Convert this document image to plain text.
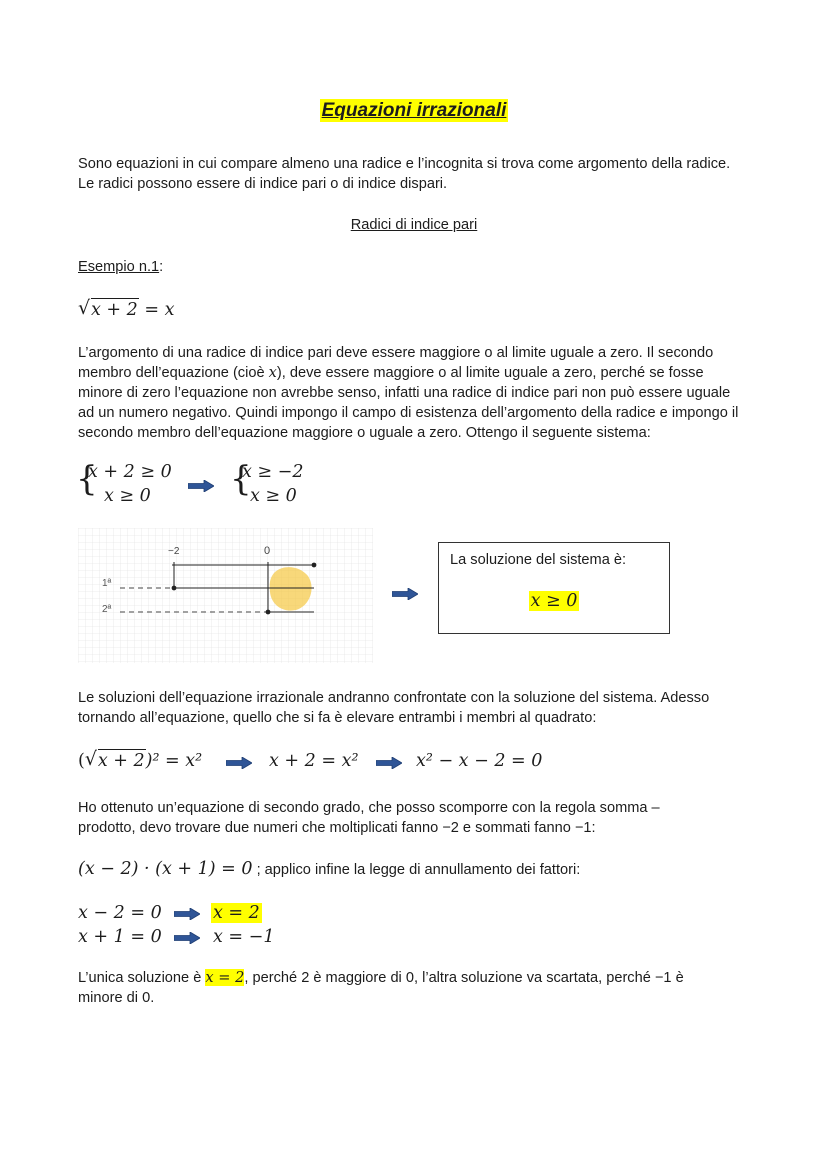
Equazioni irrazionali
Sono equazioni in cui compare almeno una radice e l’incognita si trova come argomento della radice. Le radici possono essere di indice pari o di indice dispari.
Radici di indice pari
Esempio n.1:
√ x + 2 = x
L’argomento di una radice di indice pari deve essere maggiore o al limite uguale a zero. Il secondo membro dell’equazione (cioè x), deve essere maggiore o al limite uguale a zero, perché se fosse minore di zero l’equazione non avrebbe senso, infatti una radice di indice pari non può essere uguale ad un numero negativo. Quindi impongo il campo di esistenza dell’argomento della radice e impongo il secondo membro dell’equazione maggiore o uguale a zero. Ottengo il seguente sistema:
{
x + 2 ≥ 0
x ≥ 0 {
x ≥ −2
x ≥ 0
−2	0
1ª
2ª
La soluzione del sistema è:
x ≥ 0
Le soluzioni dell’equazione irrazionale andranno confrontate con la soluzione del sistema. Adesso tornando all’equazione, quello che si fa è elevare entrambi i membri al quadrato:
( √ x + 2)² = x²	x + 2 = x²	x² − x − 2 = 0
Ho ottenuto un’equazione di secondo grado, che posso scomporre con la regola somma – prodotto, devo trovare due numeri che moltiplicati fanno −2 e sommati fanno −1:
(x − 2) · (x + 1) = 0 ; applico infine la legge di annullamento dei fattori:
x − 2 = 0	x = 2
x + 1 = 0	x = −1
L’unica soluzione è x = 2, perché 2 è maggiore di 0, l’altra soluzione va scartata, perché −1 è minore di 0.
